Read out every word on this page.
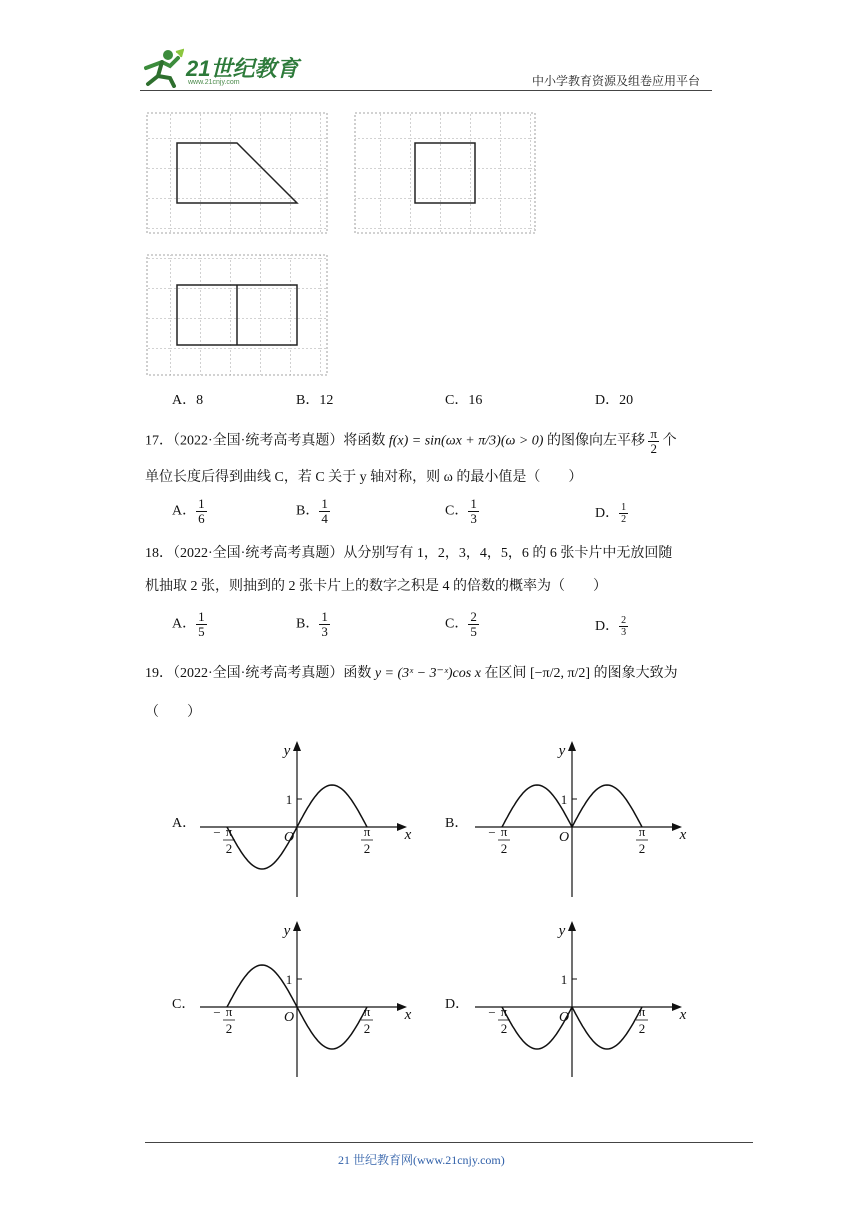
21世纪教育
www.21cnjy.com	中小学教育资源及组卷应用平台
A．8	B．12	C．16	D．20
17．（2022·全国·统考高考真题）将函数 f(x) = sin(ωx + π/3)(ω > 0) 的图像向左平移 $\frac{\pi}{2}$ 个
单位长度后得到曲线 C，若 C 关于 y 轴对称，则 ω 的最小值是（　　）
A． $\frac{1}{6}$	B． $\frac{1}{4}$	C． $\frac{1}{3}$	D． $\frac{1}{2}$
18．（2022·全国·统考高考真题）从分别写有 1，2，3，4，5，6 的 6 张卡片中无放回随
机抽取 2 张，则抽到的 2 张卡片上的数字之积是 4 的倍数的概率为（　　）
A． $\frac{1}{5}$	B． $\frac{1}{3}$	C． $\frac{2}{5}$	D． $\frac{2}{3}$
19．（2022·全国·统考高考真题）函数 y = (3ˣ − 3⁻ˣ)cos x 在区间 [−π/2, π/2] 的图象大致为
（　　）
A．	B．
C．	D．
1
y
x
O
− π
2
π
2
1
y
x
O
− π
2
π
2
1
y
x
O
− π
2
π
2
1
y
x
O
− π
2
π
2
21 世纪教育网(www.21cnjy.com)
